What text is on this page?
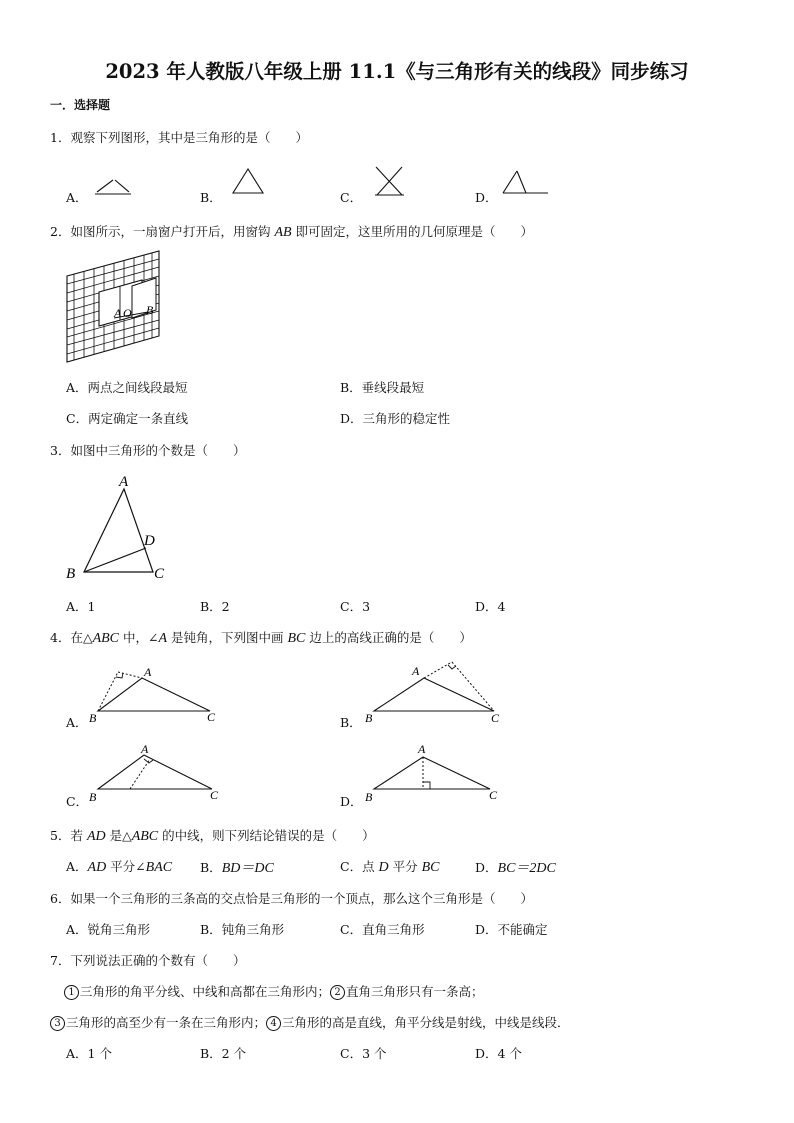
2023 年人教版八年级上册 11.1《与三角形有关的线段》同步练习
一．选择题
1．观察下列图形，其中是三角形的是（　　）
A．	B．	C．	D．
2．如图所示，一扇窗户打开后，用窗钩 AB 即可固定，这里所用的几何原理是（　　）
A O B
A．两点之间线段最短	B．垂线段最短
C．两定确定一条直线	D．三角形的稳定性
3．如图中三角形的个数是（　　）
A
B	C
D
A．1	B．2	C．3	D．4
4．在△ABC 中，∠A 是钝角，下列图中画 BC 边上的高线正确的是（　　）
A．
A
B	C	B．
A
B	C
C．
A
B	C	D．
A
B	C
5．若 AD 是△ABC 的中线，则下列结论错误的是（　　）
A．AD 平分∠BAC B．BD＝DC	C．点 D 平分 BC	D．BC＝2DC
6．如果一个三角形的三条高的交点恰是三角形的一个顶点，那么这个三角形是（　　）
A．锐角三角形	B．钝角三角形	C．直角三角形	D．不能确定
7．下列说法正确的个数有（　　）
1 三角形的角平分线、中线和高都在三角形内； 2 直角三角形只有一条高；
3 三角形的高至少有一条在三角形内； 4 三角形的高是直线，角平分线是射线，中线是线段．
A．1 个	B．2 个	C．3 个	D．4 个
